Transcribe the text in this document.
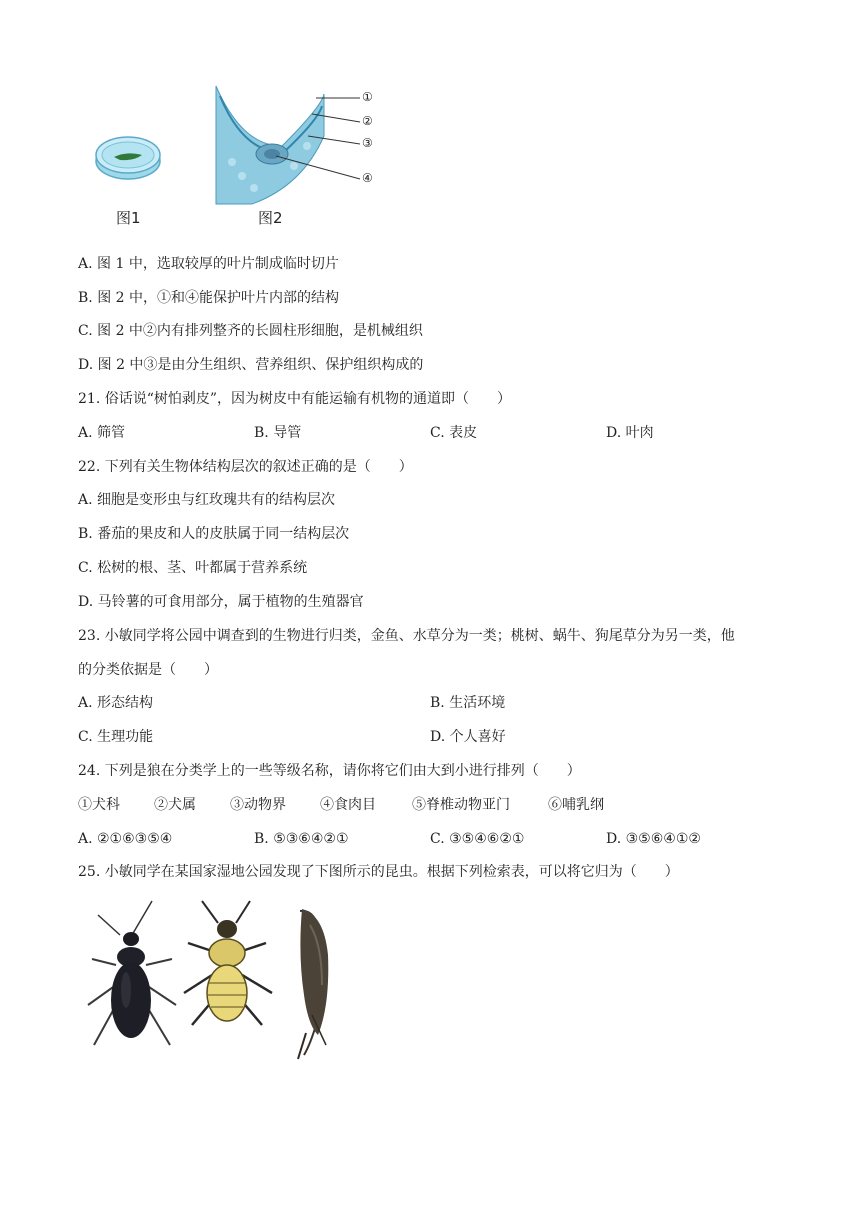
图1
①
②
③
④
图2
A. 图 1 中，选取较厚的叶片制成临时切片
B. 图 2 中，①和④能保护叶片内部的结构
C. 图 2 中②内有排列整齐的长圆柱形细胞，是机械组织
D. 图 2 中③是由分生组织、营养组织、保护组织构成的
21. 俗话说“树怕剥皮”，因为树皮中有能运输有机物的通道即（　　）
A. 筛管	B. 导管	C. 表皮	D. 叶肉
22. 下列有关生物体结构层次的叙述正确的是（　　）
A. 细胞是变形虫与红玫瑰共有的结构层次
B. 番茄的果皮和人的皮肤属于同一结构层次
C. 松树的根、茎、叶都属于营养系统
D. 马铃薯的可食用部分，属于植物的生殖器官
23. 小敏同学将公园中调查到的生物进行归类，金鱼、水草分为一类；桃树、蜗牛、狗尾草分为另一类，他
的分类依据是（　　）
A. 形态结构	B. 生活环境
C. 生理功能	D. 个人喜好
24. 下列是狼在分类学上的一些等级名称，请你将它们由大到小进行排列（　　）
①犬科 ②犬属 ③动物界 ④食肉目	⑤脊椎动物亚门	⑥哺乳纲
A. ②①⑥③⑤④	B. ⑤③⑥④②①	C. ③⑤④⑥②①	D. ③⑤⑥④①②
25. 小敏同学在某国家湿地公园发现了下图所示的昆虫。根据下列检索表，可以将它归为（　　）
